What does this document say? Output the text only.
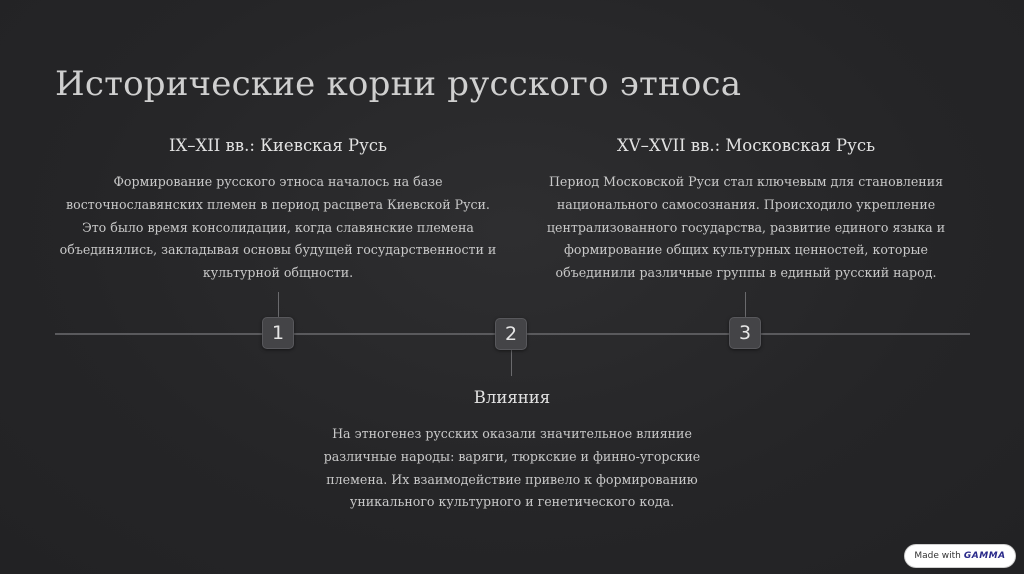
Исторические корни русского этноса
IX–XII вв.: Киевская Русь

Формирование русского этноса началось на базе восточнославянских племен в период расцвета Киевской Руси. Это было время консолидации, когда славянские племена объединялись, закладывая основы будущей государственности и культурной общности.

XV–XVII вв.: Московская Русь

Период Московской Руси стал ключевым для становления национального самосознания. Происходило укрепление централизованного государства, развитие единого языка и формирование общих культурных ценностей, которые объединили различные группы в единый русский народ.

1	2	3
Влияния

На этногенез русских оказали значительное влияние различные народы: варяги, тюркские и финно-угорские племена. Их взаимодействие привело к формированию уникального культурного и генетического кода.

Made with GAMMA
